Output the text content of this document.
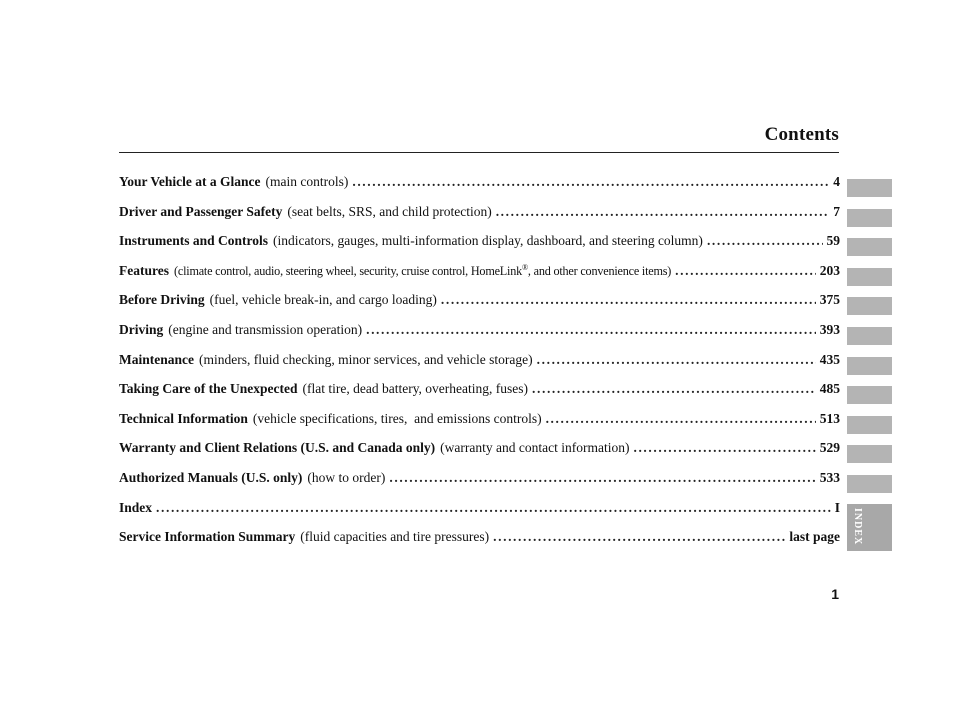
Contents
Your Vehicle at a Glance (main controls) .....	4
Driver and Passenger Safety (seat belts, SRS, and child protection) .....	7
Instruments and Controls (indicators, gauges, multi-information display, dashboard, and steering column) .....	59
Features (climate control, audio, steering wheel, security, cruise control, HomeLink®, and other convenience items) .....	203
Before Driving (fuel, vehicle break-in, and cargo loading) .....	375
Driving (engine and transmission operation) .....	393
Maintenance (minders, fluid checking, minor services, and vehicle storage) .....	435
Taking Care of the Unexpected (flat tire, dead battery, overheating, fuses) .....	485
Technical Information (vehicle specifications, tires,  and emissions controls) .....	513
Warranty and Client Relations (U.S. and Canada only) (warranty and contact information) .....	529
Authorized Manuals (U.S. only) (how to order) .....	533
Index .....	I
Service Information Summary (fluid capacities and tire pressures) .....	last page INDEX
1
